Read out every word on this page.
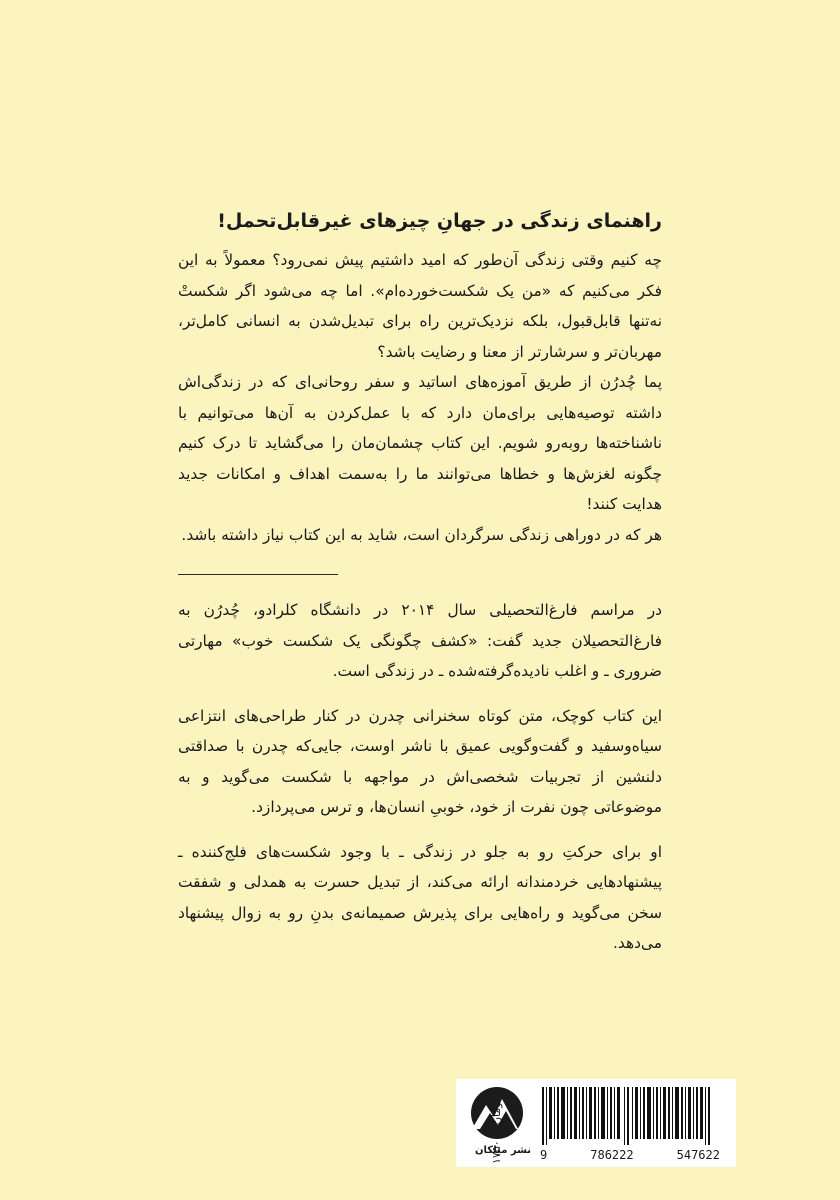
راهنمای زندگی در جهانِ چیزهای غیرقابل‌تحمل!

چه کنیم وقتی زندگی آن‌طور که امید داشتیم پیش نمی‌رود؟ معمولاً به این فکر می‌کنیم که «من یک شکست‌خورده‌ام». اما چه می‌شود اگر شکستْ نه‌تنها قابل‌قبول، بلکه نزدیک‌ترین راه برای تبدیل‌شدن به انسانی کامل‌تر، مهربان‌تر و سرشارتر از معنا و رضایت باشد؟

پما چُدرُن از طریق آموزه‌های اساتید و سفر روحانی‌ای که در زندگی‌اش داشته توصیه‌هایی برای‌مان دارد که با عمل‌کردن به آن‌ها می‌توانیم با ناشناخته‌ها روبه‌رو شویم. این کتاب چشمان‌مان را می‌گشاید تا درک کنیم چگونه لغزش‌ها و خطاها می‌توانند ما را به‌سمت اهداف و امکانات جدید هدایت کنند!

هر که در دوراهی زندگی سرگردان است، شاید به این کتاب نیاز داشته باشد.

در مراسم فارغ‌التحصیلی سال ۲۰۱۴ در دانشگاه کلرادو، چُدرُن به فارغ‌التحصیلان جدید گفت: «کشف چگونگی یک شکست خوب» مهارتی ضروری ـ و اغلب نادیده‌گرفته‌شده ـ در زندگی است.

این کتاب کوچک، متن کوتاه سخنرانی چدرن در کنار طراحی‌های انتزاعی سیاه‌وسفید و گفت‌وگویی عمیق با ناشر اوست، جایی‌که چدرن با صداقتی دلنشین از تجربیات شخصی‌اش در مواجهه با شکست می‌گوید و به موضوعاتی چون نفرت از خود، خوبیِ انسان‌ها، و ترس می‌پردازد.

او برای حرکتِ رو به جلو در زندگی ـ با وجود شکست‌های فلج‌کننده ـ پیشنهادهایی خردمندانه ارائه می‌کند، از تبدیل حسرت به همدلی و شفقت سخن می‌گوید و راه‌هایی برای پذیرش صمیمانه‌ی بدنِ رو به زوال پیشنهاد می‌دهد.

نشر میلکان 9	786222	547622
۱۷۵۰۰۰ تومان
